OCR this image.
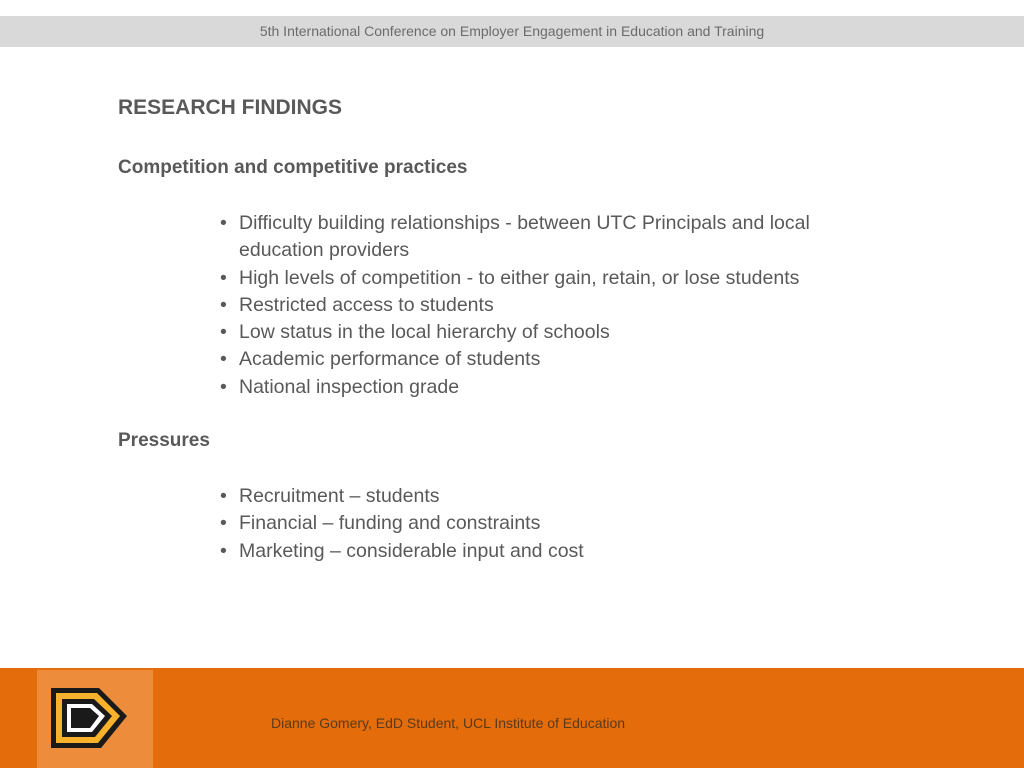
5th International Conference on Employer Engagement in Education and Training
RESEARCH FINDINGS
Competition and competitive practices
• Difficulty building relationships - between UTC Principals and local education providers
• High levels of competition - to either gain, retain, or lose students
• Restricted access to students
• Low status in the local hierarchy of schools
• Academic performance of students
• National inspection grade
Pressures
• Recruitment – students
• Financial – funding and constraints
• Marketing – considerable input and cost
Dianne Gomery, EdD Student, UCL Institute of Education
